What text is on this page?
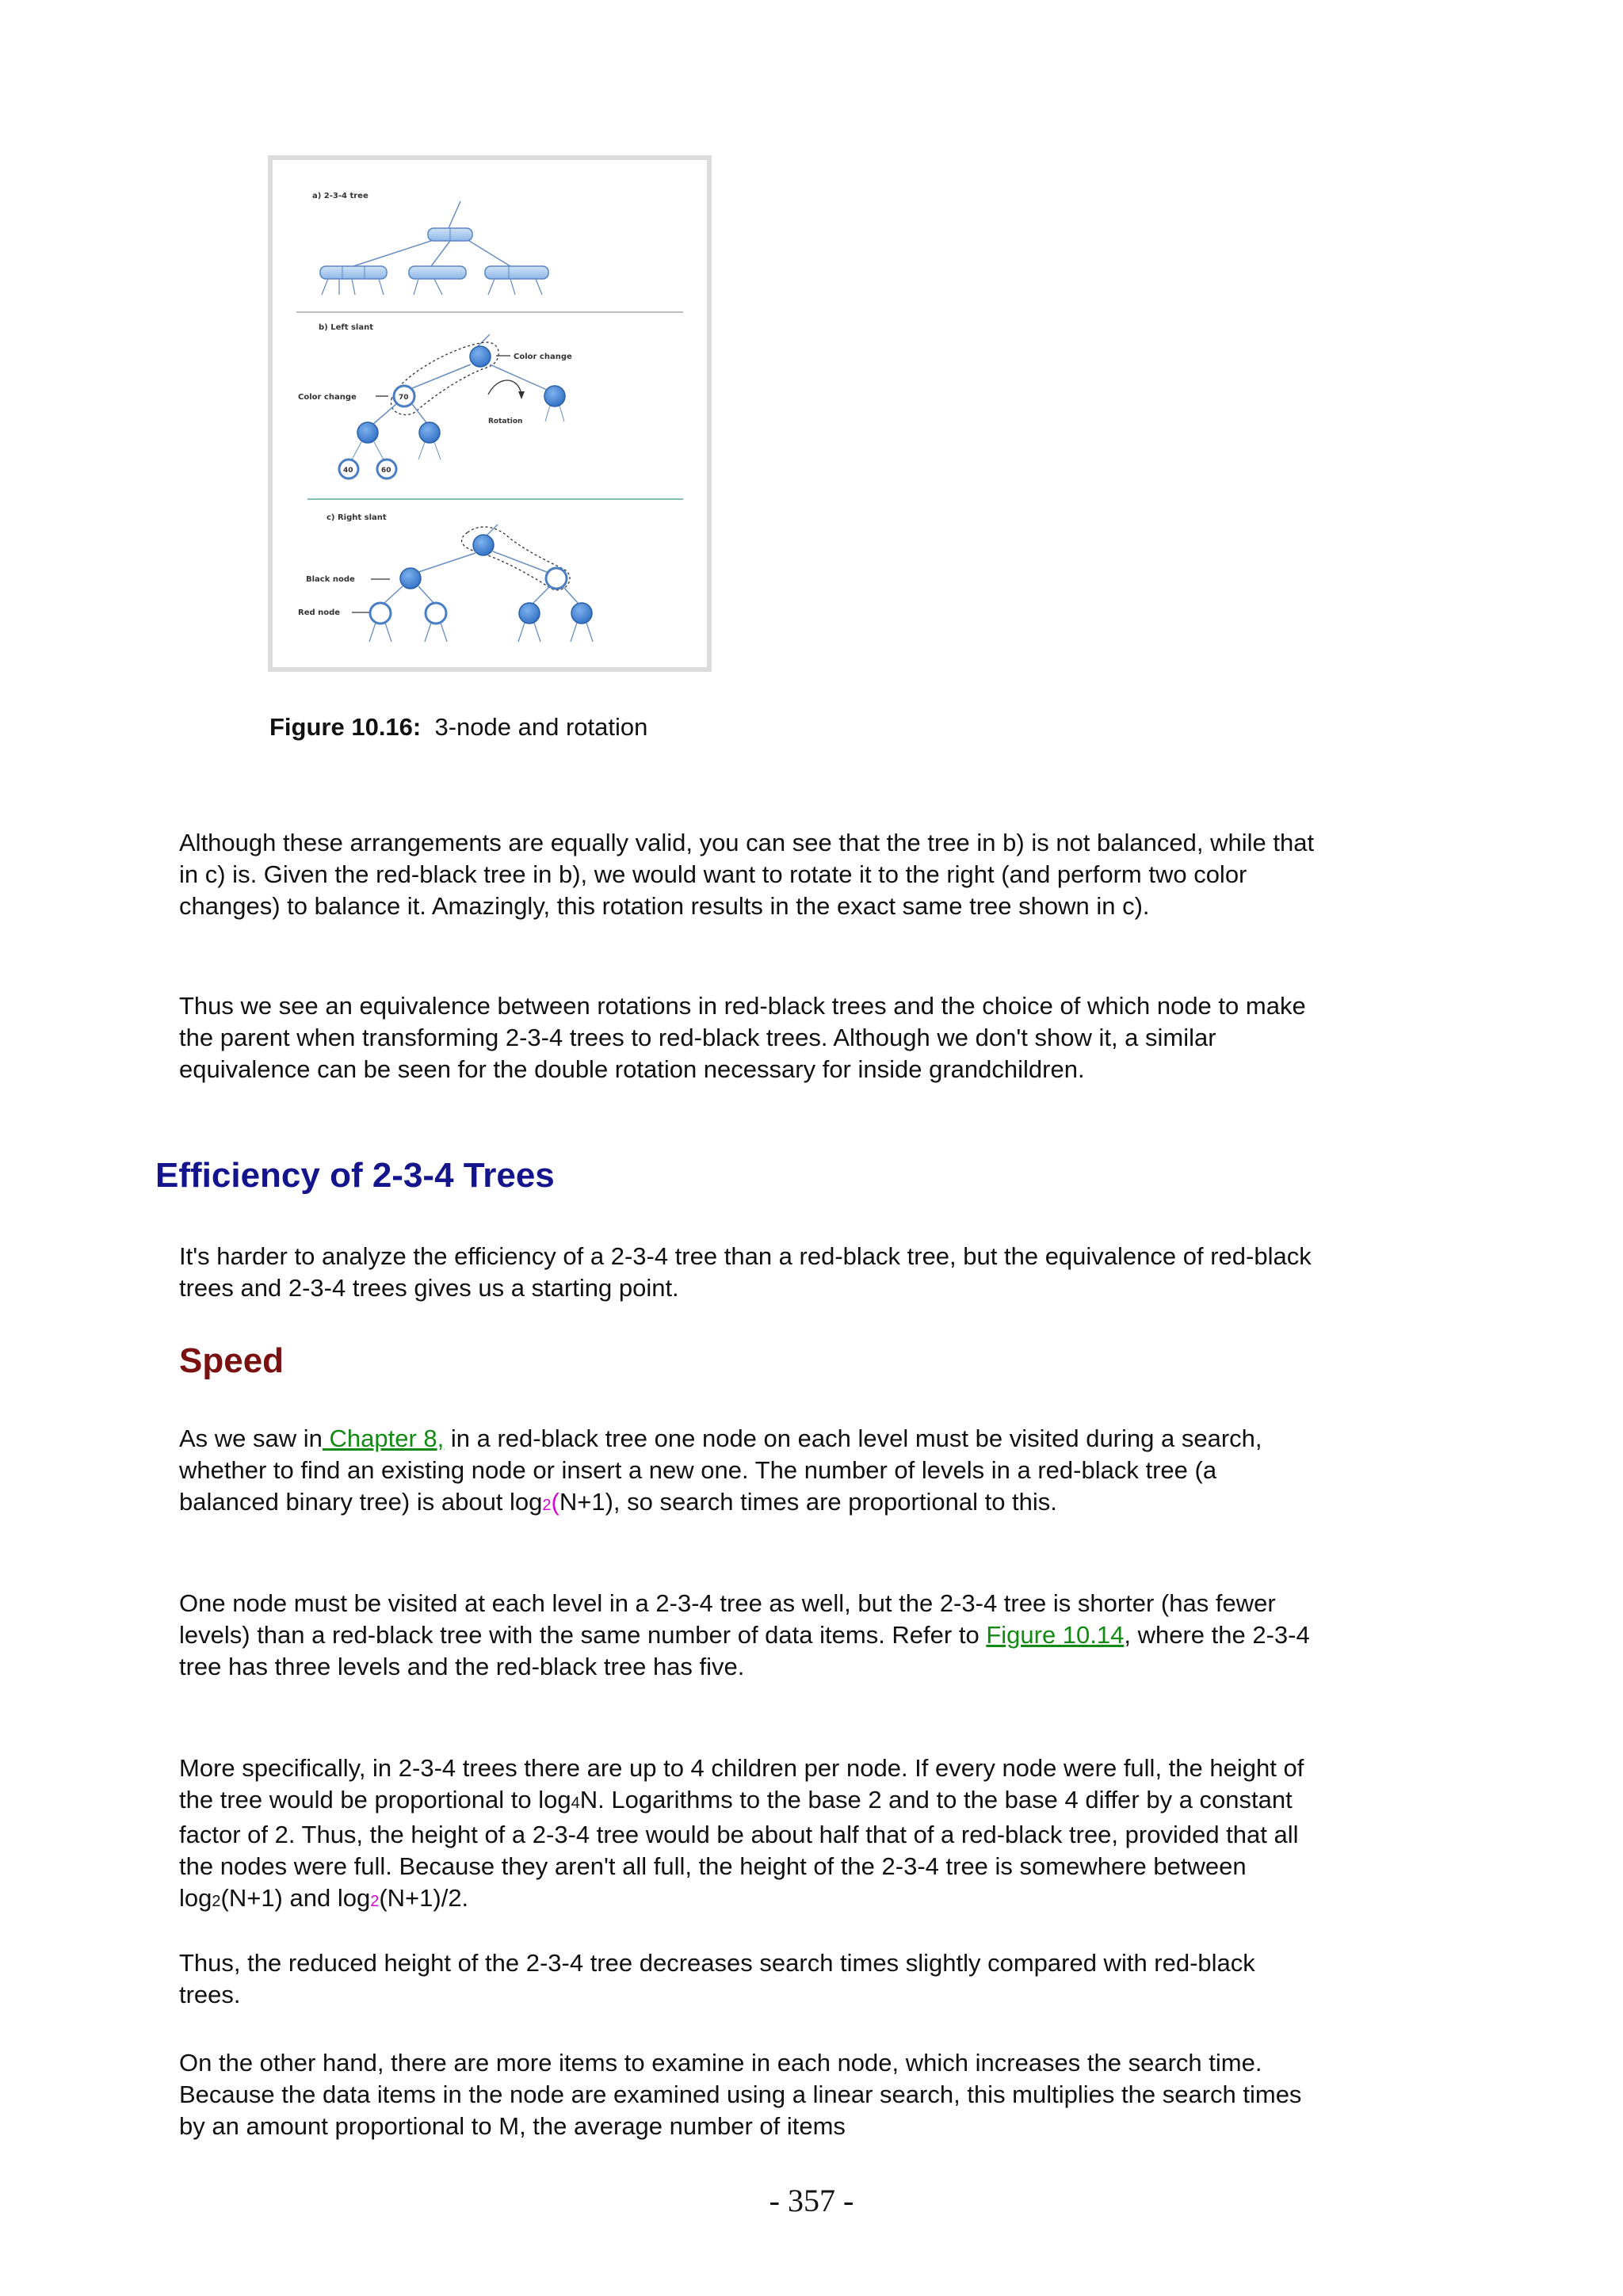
a) 2-3-4 tree
b) Left slant
Color change
70
Color change
Rotation
40	60
c) Right slant
Black node
Red node
Figure 10.16: 3-node and rotation

Although these arrangements are equally valid, you can see that the tree in b) is not balanced, while that in c) is. Given the red-black tree in b), we would want to rotate it to the right (and perform two color changes) to balance it. Amazingly, this rotation results in the exact same tree shown in c).

Thus we see an equivalence between rotations in red-black trees and the choice of which node to make the parent when transforming 2-3-4 trees to red-black trees. Although we don't show it, a similar equivalence can be seen for the double rotation necessary for inside grandchildren.

Efficiency of 2-3-4 Trees

It's harder to analyze the efficiency of a 2-3-4 tree than a red-black tree, but the equivalence of red-black trees and 2-3-4 trees gives us a starting point.

Speed

As we saw in Chapter 8, in a red-black tree one node on each level must be visited during a search, whether to find an existing node or insert a new one. The number of levels in a red-black tree (a balanced binary tree) is about log2(N+1), so search times are proportional to this.

One node must be visited at each level in a 2-3-4 tree as well, but the 2-3-4 tree is shorter (has fewer levels) than a red-black tree with the same number of data items. Refer to Figure 10.14, where the 2-3-4 tree has three levels and the red-black tree has five.

More specifically, in 2-3-4 trees there are up to 4 children per node. If every node were full, the height of the tree would be proportional to log4N. Logarithms to the base 2 and to the base 4 differ by a constant factor of 2. Thus, the height of a 2-3-4 tree would be about half that of a red-black tree, provided that all the nodes were full. Because they aren't all full, the height of the 2-3-4 tree is somewhere between log2(N+1) and log2(N+1)/2.

Thus, the reduced height of the 2-3-4 tree decreases search times slightly compared with red-black trees.

On the other hand, there are more items to examine in each node, which increases the search time. Because the data items in the node are examined using a linear search, this multiplies the search times by an amount proportional to M, the average number of items

- 357 -
